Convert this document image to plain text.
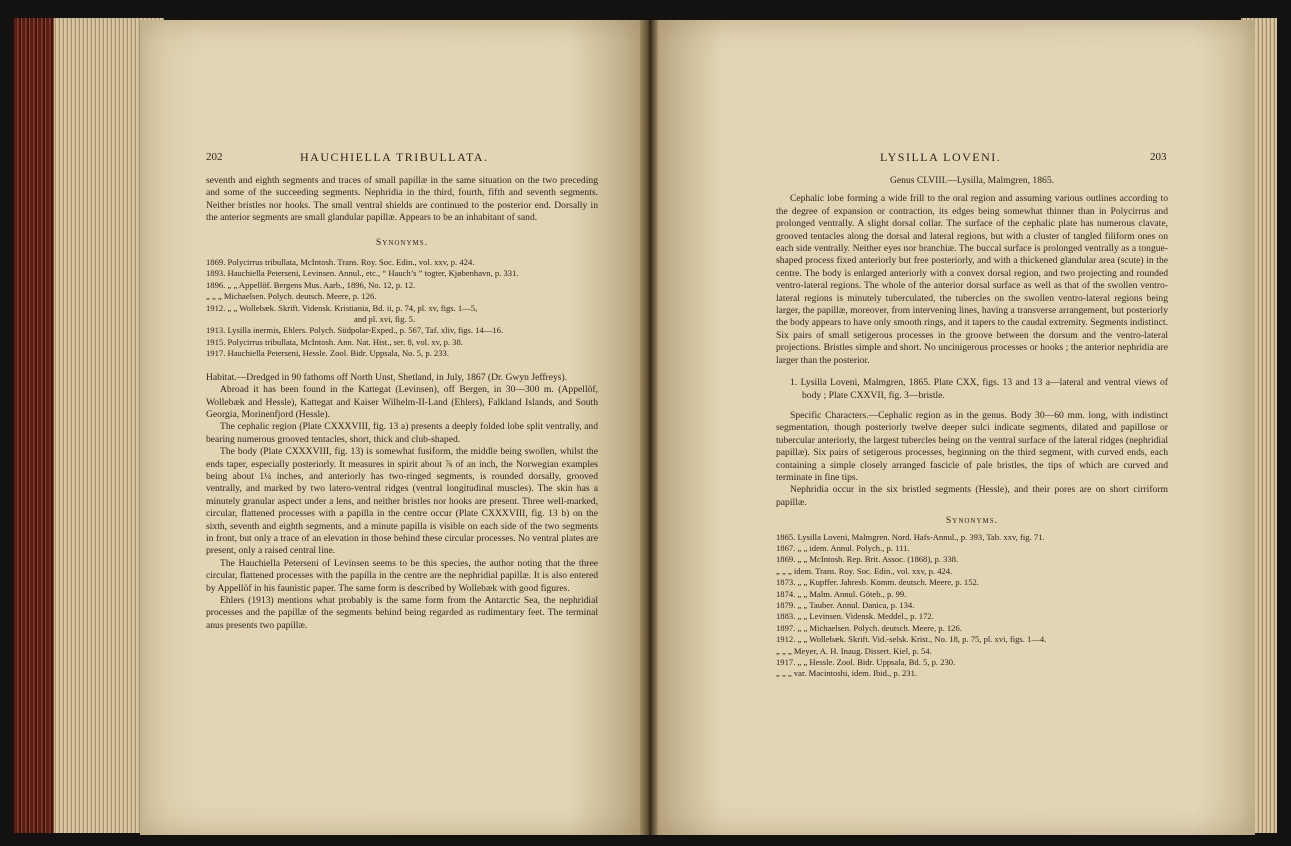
202	HAUCHIELLA TRIBULLATA.

seventh and eighth segments and traces of small papillæ in the same situation on the two preceding and some of the succeeding segments. Nephridia in the third, fourth, fifth and seventh segments. Neither bristles nor hooks. The small ventral shields are continued to the posterior end. Dorsally in the anterior segments are small glandular papillæ. Appears to be an inhabitant of sand.

Synonyms.

1869. Polycirrus tribullata, McIntosh. Trans. Roy. Soc. Edin., vol. xxv, p. 424.
1893. Hauchiella Peterseni, Levinsen. Annul., etc., “ Hauch’s ” togter, Kjøbenhavn, p. 331.
1896. „ „ Appellöf. Bergens Mus. Aarb., 1896, No. 12, p. 12.
„ „ „ Michaelsen. Polych. deutsch. Meere, p. 126.
1912. „ „ Wollebæk. Skrift. Vidensk. Kristiania, Bd. ii, p. 74, pl. xv, figs. 1—5,
and pl. xvi, fig. 5.
1913. Lysilla inermis, Ehlers. Polych. Südpolar-Exped., p. 567, Taf. xliv, figs. 14—16.
1915. Polycirrus tribullata, McIntosh. Ann. Nat. Hist., ser. 8, vol. xv, p. 38.
1917. Hauchiella Peterseni, Hessle. Zool. Bidr. Uppsala, No. 5, p. 233.

Habitat.—Dredged in 90 fathoms off North Unst, Shetland, in July, 1867 (Dr. Gwyn Jeffreys).

Abroad it has been found in the Kattegat (Levinsen), off Bergen, in 30—300 m. (Appellöf, Wollebæk and Hessle), Kattegat and Kaiser Wilhelm-II-Land (Ehlers), Falkland Islands, and South Georgia, Morinenfjord (Hessle).

The cephalic region (Plate CXXXVIII, fig. 13 a) presents a deeply folded lobe split ventrally, and bearing numerous grooved tentacles, short, thick and club-shaped.

The body (Plate CXXXVIII, fig. 13) is somewhat fusiform, the middle being swollen, whilst the ends taper, especially posteriorly. It measures in spirit about ⅞ of an inch, the Norwegian examples being about 1¼ inches, and anteriorly has two-ringed segments, is rounded dorsally, grooved ventrally, and marked by two latero-ventral ridges (ventral longitudinal muscles). The skin has a minutely granular aspect under a lens, and neither bristles nor hooks are present. Three well-marked, circular, flattened processes with a papilla in the centre occur (Plate CXXXVIII, fig. 13 b) on the sixth, seventh and eighth segments, and a minute papilla is visible on each side of the two segments in front, but only a trace of an elevation in those behind these circular processes. No ventral plates are present, only a raised central line.

The Hauchiella Peterseni of Levinsen seems to be this species, the author noting that the three circular, flattened processes with the papilla in the centre are the nephridial papillæ. It is also entered by Appellöf in his faunistic paper. The same form is described by Wollebæk with good figures.

Ehlers (1913) mentions what probably is the same form from the Antarctic Sea, the nephridial processes and the papillæ of the segments behind being regarded as rudimentary feet. The terminal anus presents two papillæ.

LYSILLA LOVENI.	203

Genus CLVIII.—Lysilla, Malmgren, 1865.

Cephalic lobe forming a wide frill to the oral region and assuming various outlines according to the degree of expansion or contraction, its edges being somewhat thinner than in Polycirrus and prolonged ventrally. A slight dorsal collar. The surface of the cephalic plate has numerous clavate, grooved tentacles along the dorsal and lateral regions, but with a cluster of tangled filiform ones on each side ventrally. Neither eyes nor branchiæ. The buccal surface is prolonged ventrally as a tongue-shaped process fixed anteriorly but free posteriorly, and with a thickened glandular area (scute) in the centre. The body is enlarged anteriorly with a convex dorsal region, and two projecting and rounded ventro-lateral regions. The whole of the anterior dorsal surface as well as that of the swollen ventro-lateral regions is minutely tuberculated, the tubercles on the swollen ventro-lateral regions being larger, the papillæ, moreover, from intervening lines, having a transverse arrangement, but posteriorly the body appears to have only smooth rings, and it tapers to the caudal extremity. Segments indistinct. Six pairs of small setigerous processes in the groove between the dorsum and the ventro-lateral projections. Bristles simple and short. No uncinigerous processes or hooks ; the anterior nephridia are larger than the posterior.

1. Lysilla Loveni, Malmgren, 1865. Plate CXX, figs. 13 and 13 a—lateral and ventral views of body ; Plate CXXVII, fig. 3—bristle.

Specific Characters.—Cephalic region as in the genus. Body 30—60 mm. long, with indistinct segmentation, though posteriorly twelve deeper sulci indicate segments, dilated and papillose or tubercular anteriorly, the largest tubercles being on the ventral surface of the lateral ridges (nephridial papillæ). Six pairs of setigerous processes, beginning on the third segment, with curved ends, each containing a simple closely arranged fascicle of pale bristles, the tips of which are curved and terminate in fine tips.

Nephridia occur in the six bristled segments (Hessle), and their pores are on short cirriform papillæ.

Synonyms.

1865. Lysilla Loveni, Malmgren. Nord. Hafs-Annul., p. 393, Tab. xxv, fig. 71.
1867. „ „ idem. Annul. Polych., p. 111.
1869. „ „ McIntosh. Rep. Brit. Assoc. (1868), p. 338.
„ „ „ idem. Trans. Roy. Soc. Edin., vol. xxv, p. 424.
1873. „ „ Kupffer. Jahresb. Komm. deutsch. Meere, p. 152.
1874. „ „ Malm. Annul. Götеb., p. 99.
1879. „ „ Tauber. Annul. Danica, p. 134.
1883. „ „ Levinsen. Vidensk. Meddel., p. 172.
1897. „ „ Michaelsen. Polych. deutsch. Meere, p. 126.
1912. „ „ Wollebæk. Skrift. Vid.-selsk. Krist., No. 18, p. 75, pl. xvi, figs. 1—4.
„ „ „ Meyer, A. H. Inaug. Dissert. Kiel, p. 54.
1917. „ „ Hessle. Zool. Bidr. Uppsala, Bd. 5, p. 230.
„ „ „ var. Macintoshi, idem. Ibid., p. 231.
